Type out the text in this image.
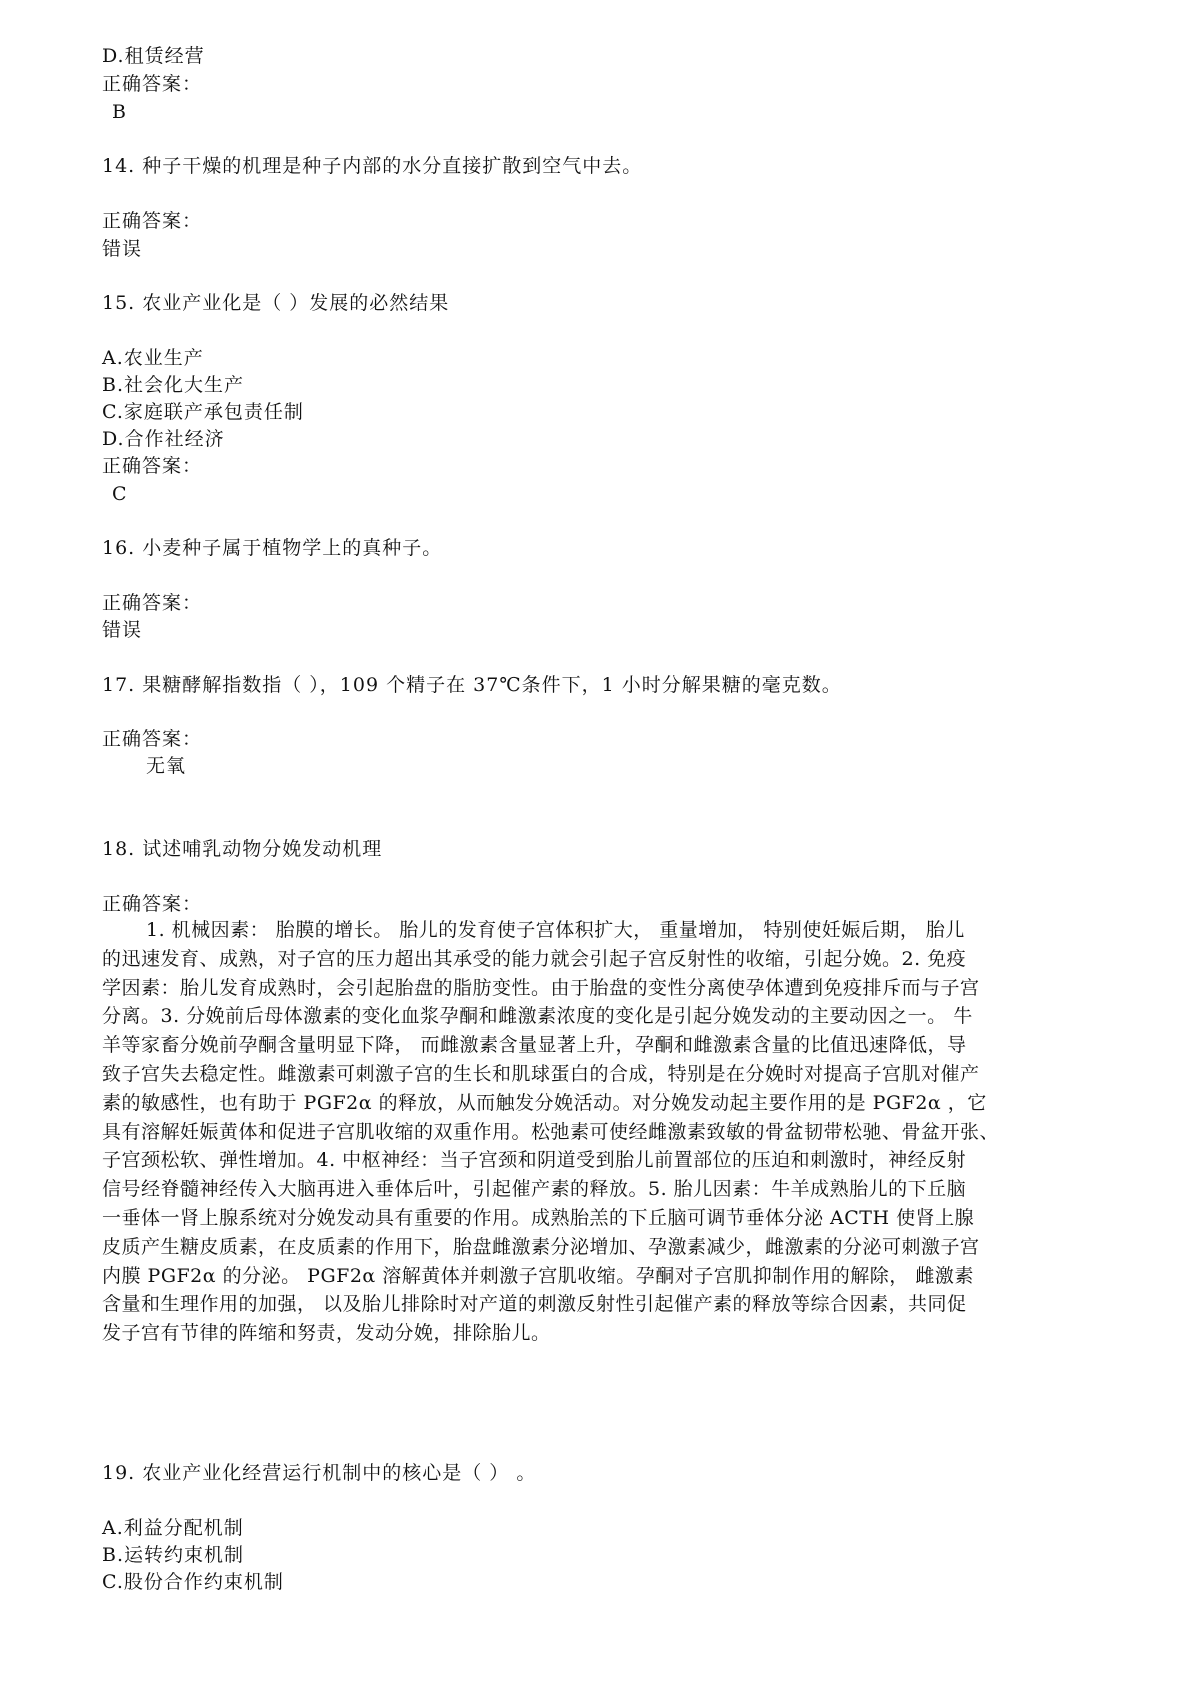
D.租赁经营
正确答案：
B
14. 种子干燥的机理是种子内部的水分直接扩散到空气中去。
正确答案：
错误
15. 农业产业化是（ ）发展的必然结果
A.农业生产
B.社会化大生产
C.家庭联产承包责任制
D.合作社经济
正确答案：
C
16. 小麦种子属于植物学上的真种子。
正确答案：
错误
17. 果糖酵解指数指（ ），109 个精子在 37℃条件下，1 小时分解果糖的毫克数。
正确答案：
无氧
18. 试述哺乳动物分娩发动机理
正确答案：
1. 机械因素： 胎膜的增长。 胎儿的发育使子宫体积扩大， 重量增加， 特别使妊娠后期， 胎儿
的迅速发育、成熟，对子宫的压力超出其承受的能力就会引起子宫反射性的收缩，引起分娩。2. 免疫
学因素：胎儿发育成熟时，会引起胎盘的脂肪变性。由于胎盘的变性分离使孕体遭到免疫排斥而与子宫
分离。3. 分娩前后母体激素的变化血浆孕酮和雌激素浓度的变化是引起分娩发动的主要动因之一。 牛
羊等家畜分娩前孕酮含量明显下降， 而雌激素含量显著上升，孕酮和雌激素含量的比值迅速降低，导
致子宫失去稳定性。雌激素可刺激子宫的生长和肌球蛋白的合成，特别是在分娩时对提高子宫肌对催产
素的敏感性，也有助于 PGF2α 的释放，从而触发分娩活动。对分娩发动起主要作用的是 PGF2α ，它
具有溶解妊娠黄体和促进子宫肌收缩的双重作用。松弛素可使经雌激素致敏的骨盆韧带松驰、骨盆开张、
子宫颈松软、弹性增加。4. 中枢神经：当子宫颈和阴道受到胎儿前置部位的压迫和刺激时，神经反射
信号经脊髓神经传入大脑再进入垂体后叶，引起催产素的释放。5. 胎儿因素：牛羊成熟胎儿的下丘脑
一垂体一肾上腺系统对分娩发动具有重要的作用。成熟胎羔的下丘脑可调节垂体分泌 ACTH 使肾上腺
皮质产生糖皮质素，在皮质素的作用下，胎盘雌激素分泌增加、孕激素减少，雌激素的分泌可刺激子宫
内膜 PGF2α 的分泌。 PGF2α 溶解黄体并刺激子宫肌收缩。孕酮对子宫肌抑制作用的解除， 雌激素
含量和生理作用的加强， 以及胎儿排除时对产道的刺激反射性引起催产素的释放等综合因素，共同促
发子宫有节律的阵缩和努责，发动分娩，排除胎儿。
19. 农业产业化经营运行机制中的核心是（ ） 。
A.利益分配机制
B.运转约束机制
C.股份合作约束机制
